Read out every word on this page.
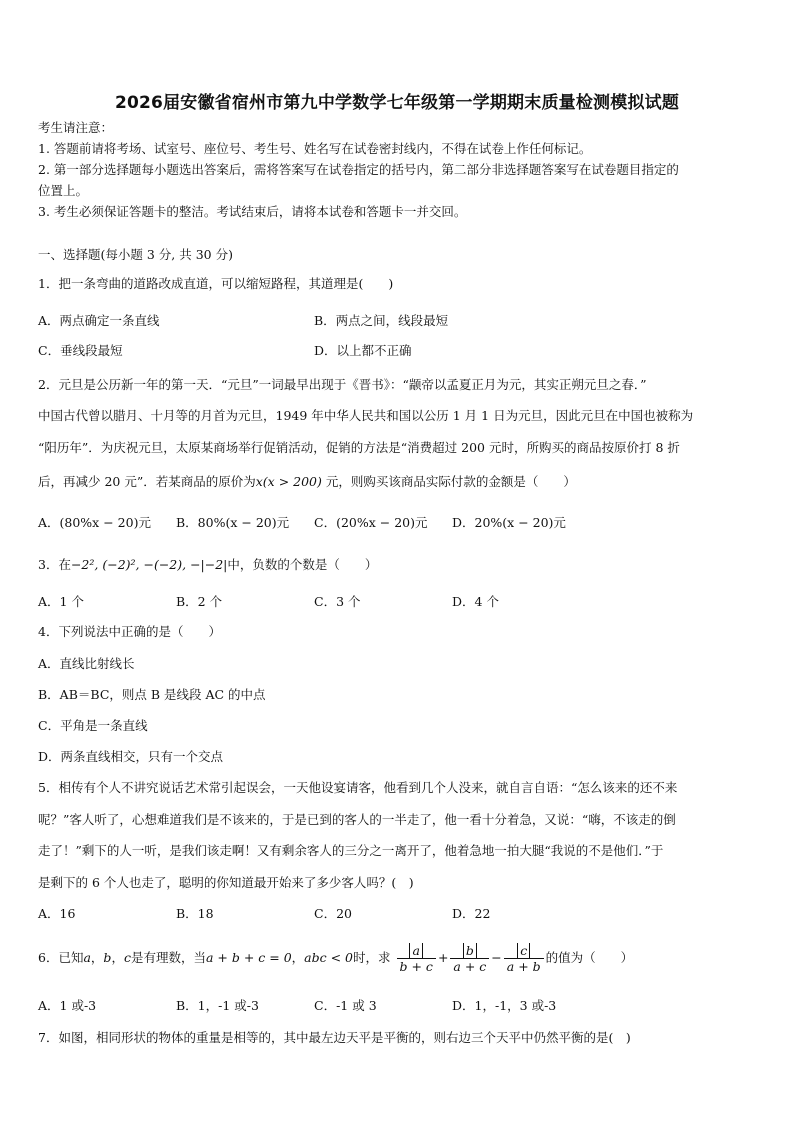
2026届安徽省宿州市第九中学数学七年级第一学期期末质量检测模拟试题
考生请注意：
1. 答题前请将考场、试室号、座位号、考生号、姓名写在试卷密封线内，不得在试卷上作任何标记。
2. 第一部分选择题每小题选出答案后，需将答案写在试卷指定的括号内，第二部分非选择题答案写在试卷题目指定的
位置上。
3. 考生必须保证答题卡的整洁。考试结束后，请将本试卷和答题卡一并交回。
一、选择题(每小题 3 分, 共 30 分)
1．把一条弯曲的道路改成直道，可以缩短路程，其道理是(　　)
A．两点确定一条直线	B．两点之间，线段最短
C．垂线段最短	D．以上都不正确
2．元旦是公历新一年的第一天．“元旦”一词最早出现于《晋书》：“颛帝以孟夏正月为元，其实正朔元旦之春．”
中国古代曾以腊月、十月等的月首为元旦，1949 年中华人民共和国以公历 1 月 1 日为元旦，因此元旦在中国也被称为
“阳历年”．为庆祝元旦，太原某商场举行促销活动，促销的方法是“消费超过 200 元时，所购买的商品按原价打 8 折
后，再减少 20 元”．若某商品的原价为x(x > 200) 元，则购买该商品实际付款的金额是（　　）
A．(80%x − 20)元 B．80%(x − 20)元 C．(20%x − 20)元 D．20%(x − 20)元
3．在−2², (−2)², −(−2), −|−2|中，负数的个数是（　　）
A．1 个	B．2 个	C．3 个	D．4 个
4．下列说法中正确的是（　　）
A．直线比射线长
B．AB＝BC，则点 B 是线段 AC 的中点
C．平角是一条直线
D．两条直线相交，只有一个交点
5．相传有个人不讲究说话艺术常引起误会，一天他设宴请客，他看到几个人没来，就自言自语：“怎么该来的还不来
呢？”客人听了，心想难道我们是不该来的，于是已到的客人的一半走了，他一看十分着急，又说：“嗨，不该走的倒
走了！”剩下的人一听，是我们该走啊！又有剩余客人的三分之一离开了，他着急地一拍大腿“我说的不是他们．”于
是剩下的 6 个人也走了，聪明的你知道最开始来了多少客人吗？(　)
A．16	B．18	C．20	D．22
6．已知a，b，c是有理数，当a + b + c = 0，abc < 0时，求 $\frac{a}{b + c} + \frac{b}{a + c} - \frac{c}{a + b}$ 的值为（　　）
A．1 或-3	B．1，-1 或-3	C．-1 或 3	D．1，-1，3 或-3
7．如图，相同形状的物体的重量是相等的，其中最左边天平是平衡的，则右边三个天平中仍然平衡的是(　)
